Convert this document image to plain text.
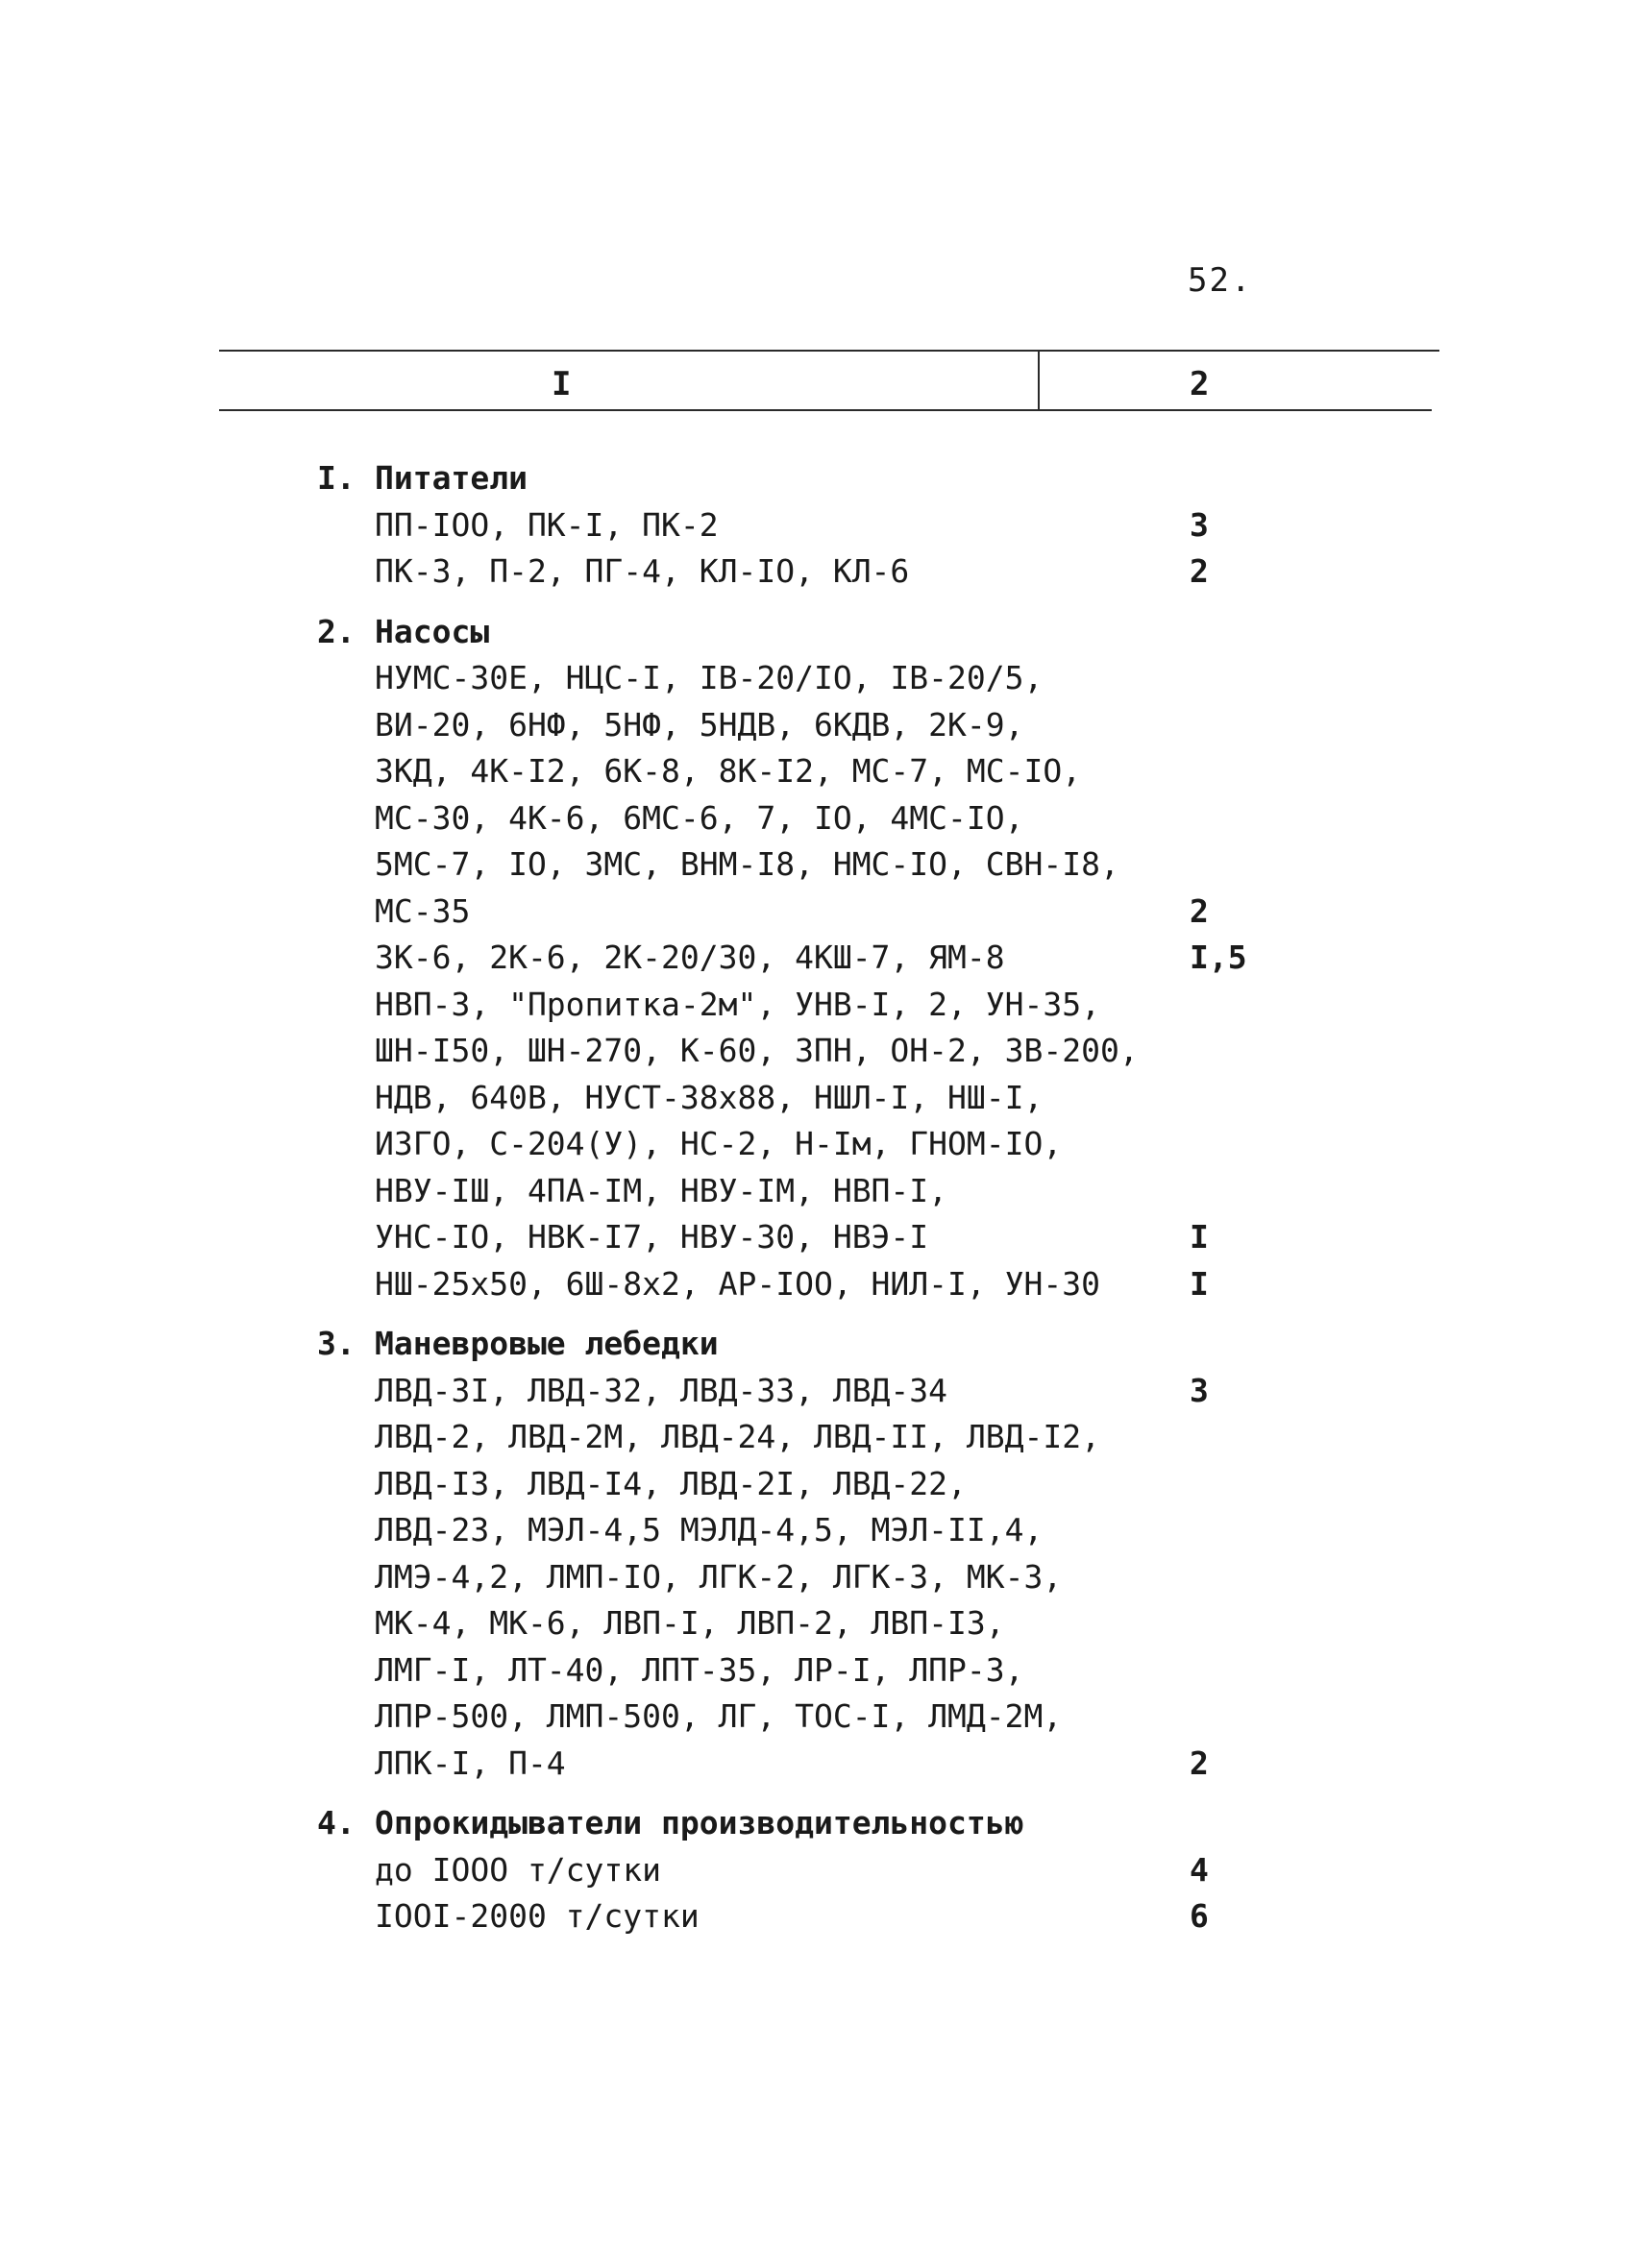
52.
I	2
I. Питатели
ПП-IOO, ПК-I, ПК-2	3
ПК-3, П-2, ПГ-4, КЛ-IO, КЛ-6	2
2. Насосы
НУМС-30Е, НЦС-I, IВ-20/IO, IВ-20/5,
ВИ-20, 6НФ, 5НФ, 5НДВ, 6КДВ, 2К-9,
3КД, 4К-I2, 6К-8, 8К-I2, МС-7, МС-IO,
МС-30, 4К-6, 6МС-6, 7, IO, 4МС-IO,
5МС-7, IO, 3МС, ВНМ-I8, НМС-IO, СВН-I8,
МС-35	2
3К-6, 2К-6, 2К-20/30, 4КШ-7, ЯМ-8	I,5
НВП-3, "Пропитка-2м", УНВ-I, 2, УН-35,
ШН-I50, ШН-270, К-60, 3ПН, ОН-2, 3В-200,
НДВ, 640В, НУСТ-38х88, НШЛ-I, НШ-I,
ИЗГО, С-204(У), НС-2, Н-Iм, ГНОМ-IO,
НВУ-IШ, 4ПА-IМ, НВУ-IМ, НВП-I,
УНС-IO, НВК-I7, НВУ-30, НВЭ-I	I
НШ-25х50, 6Ш-8х2, АР-IOO, НИЛ-I, УН-30	I
3. Маневровые лебедки
ЛВД-3I, ЛВД-32, ЛВД-33, ЛВД-34	3
ЛВД-2, ЛВД-2М, ЛВД-24, ЛВД-II, ЛВД-I2,
ЛВД-I3, ЛВД-I4, ЛВД-2I, ЛВД-22,
ЛВД-23, МЭЛ-4,5 МЭЛД-4,5, МЭЛ-II,4,
ЛМЭ-4,2, ЛМП-IO, ЛГК-2, ЛГК-3, МК-3,
МК-4, МК-6, ЛВП-I, ЛВП-2, ЛВП-I3,
ЛМГ-I, ЛТ-40, ЛПТ-35, ЛР-I, ЛПР-3,
ЛПР-500, ЛМП-500, ЛГ, ТОС-I, ЛМД-2М,
ЛПК-I, П-4	2
4. Опрокидыватели производительностью
до IOOO т/сутки	4
IOOI-2000 т/сутки	6
